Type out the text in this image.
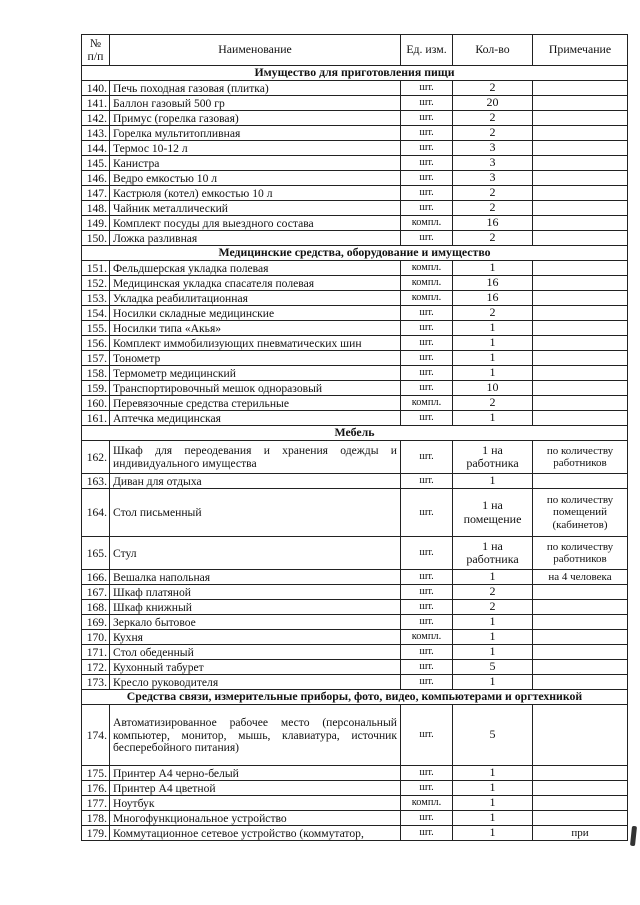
№ п/п	Наименование	Ед. изм.	Кол-во	Примечание
Имущество для приготовления пищи				
140.	Печь походная газовая (плитка)	шт.	2	
141.	Баллон газовый 500 гр	шт.	20	
142.	Примус (горелка газовая)	шт.	2	
143.	Горелка мультитопливная	шт.	2	
144.	Термос 10-12 л	шт.	3	
145.	Канистра	шт.	3	
146.	Ведро емкостью 10 л	шт.	3	
147.	Кастрюля (котел) емкостью 10 л	шт.	2	
148.	Чайник металлический	шт.	2	
149.	Комплект посуды для выездного состава	компл.	16	
150.	Ложка разливная	шт.	2	
Медицинские средства, оборудование и имущество				
151.	Фельдшерская укладка полевая	компл.	1	
152.	Медицинская укладка спасателя полевая	компл.	16	
153.	Укладка реабилитационная	компл.	16	
154.	Носилки складные медицинские	шт.	2	
155.	Носилки типа «Акья»	шт.	1	
156.	Комплект иммобилизующих пневматических шин	шт.	1	
157.	Тонометр	шт.	1	
158.	Термометр медицинский	шт.	1	
159.	Транспортировочный мешок одноразовый	шт.	10	
160.	Перевязочные средства стерильные	компл.	2	
161.	Аптечка медицинская	шт.	1	
Мебель				
162.	Шкаф для переодевания и хранения одежды и индивидуального имущества	шт.	1 на работника	по количеству работников
163.	Диван для отдыха	шт.	1	
164.	Стол письменный	шт.	1 на помещение	по количеству помещений (кабинетов)
165.	Стул	шт.	1 на работника	по количеству работников
166.	Вешалка напольная	шт.	1	на 4 человека
167.	Шкаф платяной	шт.	2	
168.	Шкаф книжный	шт.	2	
169.	Зеркало бытовое	шт.	1	
170.	Кухня	компл.	1	
171.	Стол обеденный	шт.	1	
172.	Кухонный табурет	шт.	5	
173.	Кресло руководителя	шт.	1	
Средства связи, измерительные приборы, фото, видео, компьютерами и оргтехникой				
174.	Автоматизированное рабочее место (персональный компьютер, монитор, мышь, клавиатура, источник бесперебойного питания)	шт.	5	
175.	Принтер А4 черно-белый	шт.	1	
176.	Принтер А4 цветной	шт.	1	
177.	Ноутбук	компл.	1	
178.	Многофункциональное устройство	шт.	1	
179.	Коммутационное сетевое устройство (коммутатор,	шт.	1	при
